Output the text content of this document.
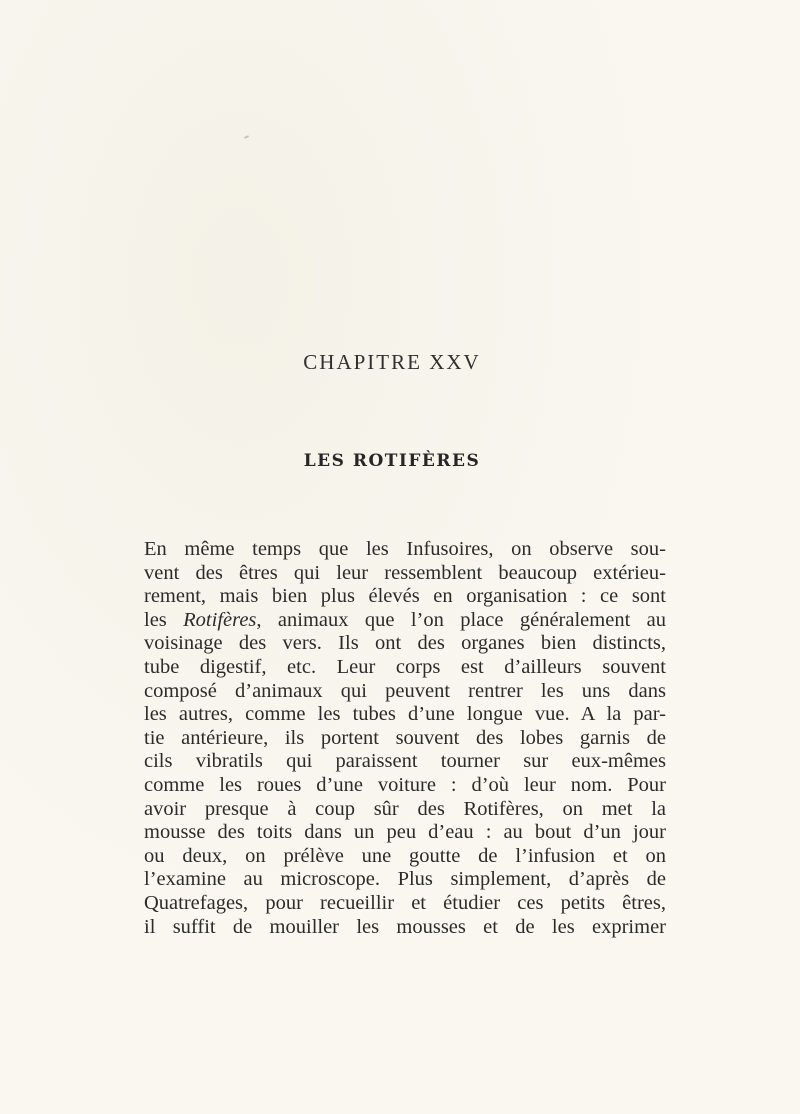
CHAPITRE XXV
LES ROTIFÈRES
En même temps que les Infusoires, on observe sou-
vent des êtres qui leur ressemblent beaucoup extérieu-
rement, mais bien plus élevés en organisation : ce sont
les Rotifères, animaux que l’on place généralement au
voisinage des vers. Ils ont des organes bien distincts,
tube digestif, etc. Leur corps est d’ailleurs souvent
composé d’animaux qui peuvent rentrer les uns dans
les autres, comme les tubes d’une longue vue. A la par-
tie antérieure, ils portent souvent des lobes garnis de
cils vibratils qui paraissent tourner sur eux-mêmes
comme les roues d’une voiture : d’où leur nom. Pour
avoir presque à coup sûr des Rotifères, on met la
mousse des toits dans un peu d’eau : au bout d’un jour
ou deux, on prélève une goutte de l’infusion et on
l’examine au microscope. Plus simplement, d’après de
Quatrefages, pour recueillir et étudier ces petits êtres,
il suffit de mouiller les mousses et de les exprimer
